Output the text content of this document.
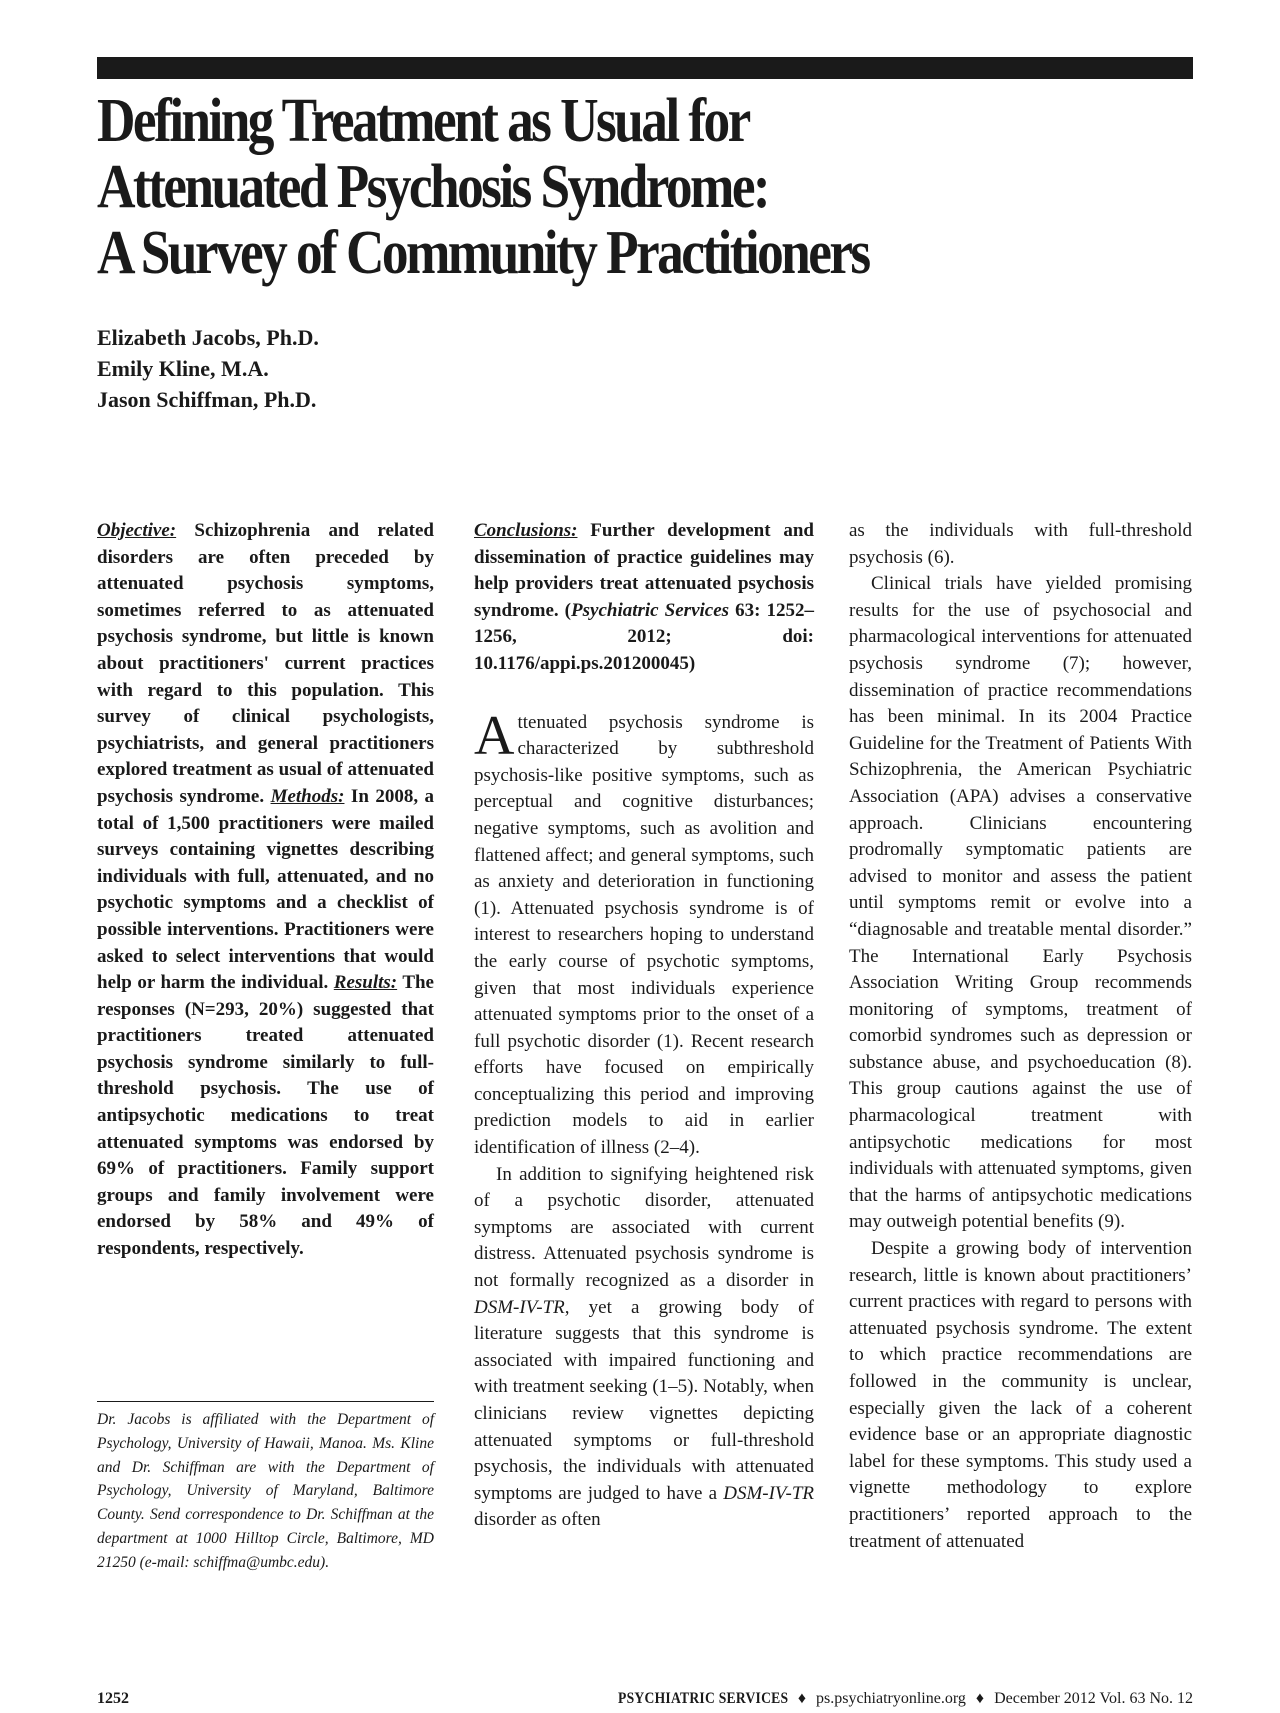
Defining Treatment as Usual for
Attenuated Psychosis Syndrome:
A Survey of Community Practitioners
Elizabeth Jacobs, Ph.D.
Emily Kline, M.A.
Jason Schiffman, Ph.D.

Objective: Schizophrenia and related disorders are often preceded by attenuated psychosis symptoms, sometimes referred to as attenuated psychosis syndrome, but little is known about practitioners' current practices with regard to this population. This survey of clinical psychologists, psychiatrists, and general practitioners explored treatment as usual of attenuated psychosis syndrome. Methods: In 2008, a total of 1,500 practitioners were mailed surveys containing vignettes describing individuals with full, attenuated, and no psychotic symptoms and a checklist of possible interventions. Practitioners were asked to select interventions that would help or harm the individual. Results: The responses (N=293, 20%) suggested that practitioners treated attenuated psychosis syndrome similarly to full-threshold psychosis. The use of antipsychotic medications to treat attenuated symptoms was endorsed by 69% of practitioners. Family support groups and family involvement were endorsed by 58% and 49% of respondents, respectively.

Dr. Jacobs is affiliated with the Department of Psychology, University of Hawaii, Manoa. Ms. Kline and Dr. Schiffman are with the Department of Psychology, University of Maryland, Baltimore County. Send correspondence to Dr. Schiffman at the department at 1000 Hilltop Circle, Baltimore, MD 21250 (e-mail: schiffma@umbc.edu).

Conclusions: Further development and dissemination of practice guidelines may help providers treat attenuated psychosis syndrome. (Psychiatric Services 63: 1252–1256, 2012; doi: 10.1176/appi.ps.201200045)

Attenuated psychosis syndrome is characterized by subthreshold psychosis-like positive symptoms, such as perceptual and cognitive disturbances; negative symptoms, such as avolition and flattened affect; and general symptoms, such as anxiety and deterioration in functioning (1). Attenuated psychosis syndrome is of interest to researchers hoping to understand the early course of psychotic symptoms, given that most individuals experience attenuated symptoms prior to the onset of a full psychotic disorder (1). Recent research efforts have focused on empirically conceptualizing this period and improving prediction models to aid in earlier identification of illness (2–4).

In addition to signifying heightened risk of a psychotic disorder, attenuated symptoms are associated with current distress. Attenuated psychosis syndrome is not formally recognized as a disorder in DSM-IV-TR, yet a growing body of literature suggests that this syndrome is associated with impaired functioning and with treatment seeking (1–5). Notably, when clinicians review vignettes depicting attenuated symptoms or full-threshold psychosis, the individuals with attenuated symptoms are judged to have a DSM-IV-TR disorder as often

as the individuals with full-threshold psychosis (6).

Clinical trials have yielded promising results for the use of psychosocial and pharmacological interventions for attenuated psychosis syndrome (7); however, dissemination of practice recommendations has been minimal. In its 2004 Practice Guideline for the Treatment of Patients With Schizophrenia, the American Psychiatric Association (APA) advises a conservative approach. Clinicians encountering prodromally symptomatic patients are advised to monitor and assess the patient until symptoms remit or evolve into a “diagnosable and treatable mental disorder.” The International Early Psychosis Association Writing Group recommends monitoring of symptoms, treatment of comorbid syndromes such as depression or substance abuse, and psychoeducation (8). This group cautions against the use of pharmacological treatment with antipsychotic medications for most individuals with attenuated symptoms, given that the harms of antipsychotic medications may outweigh potential benefits (9).

Despite a growing body of intervention research, little is known about practitioners’ current practices with regard to persons with attenuated psychosis syndrome. The extent to which practice recommendations are followed in the community is unclear, especially given the lack of a coherent evidence base or an appropriate diagnostic label for these symptoms. This study used a vignette methodology to explore practitioners’ reported approach to the treatment of attenuated

1252	PSYCHIATRIC SERVICES ♦ ps.psychiatryonline.org ♦ December 2012 Vol. 63 No. 12
